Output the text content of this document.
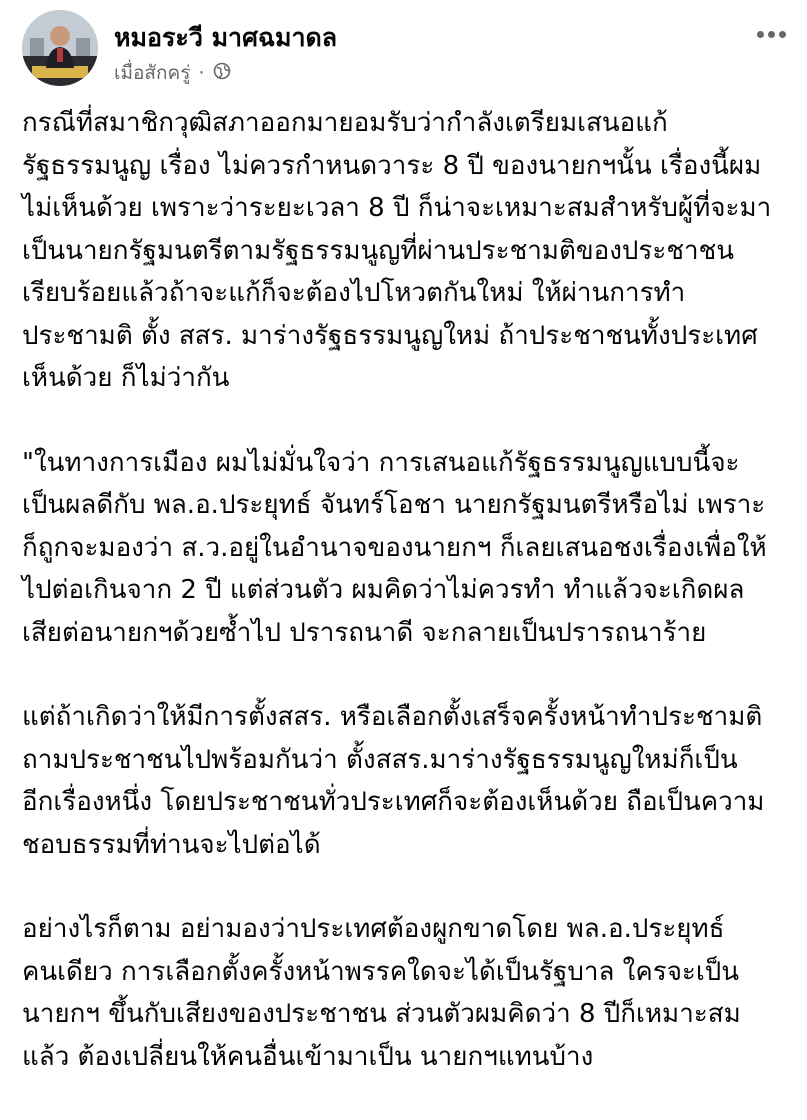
หมอระวี มาศฉมาดล
เมื่อสักครู่ ·
กรณีที่สมาชิกวุฒิสภาออกมายอมรับว่ากำลังเตรียมเสนอแก้
รัฐธรรมนูญ เรื่อง ไม่ควรกำหนดวาระ 8 ปี ของนายกฯนั้น เรื่องนี้ผม
ไม่เห็นด้วย เพราะว่าระยะเวลา 8 ปี ก็น่าจะเหมาะสมสำหรับผู้ที่จะมา
เป็นนายกรัฐมนตรีตามรัฐธรรมนูญที่ผ่านประชามติของประชาชน
เรียบร้อยแล้วถ้าจะแก้ก็จะต้องไปโหวตกันใหม่ ให้ผ่านการทำ
ประชามติ ตั้ง สสร. มาร่างรัฐธรรมนูญใหม่ ถ้าประชาชนทั้งประเทศ
เห็นด้วย ก็ไม่ว่ากัน
"ในทางการเมือง ผมไม่มั่นใจว่า การเสนอแก้รัฐธรรมนูญแบบนี้จะ
เป็นผลดีกับ พล.อ.ประยุทธ์ จันทร์โอชา นายกรัฐมนตรีหรือไม่ เพราะ
ก็ถูกจะมองว่า ส.ว.อยู่ในอำนาจของนายกฯ ก็เลยเสนอชงเรื่องเพื่อให้
ไปต่อเกินจาก 2 ปี แต่ส่วนตัว ผมคิดว่าไม่ควรทำ ทำแล้วจะเกิดผล
เสียต่อนายกฯด้วยซ้ำไป ปรารถนาดี จะกลายเป็นปรารถนาร้าย
แต่ถ้าเกิดว่าให้มีการตั้งสสร. หรือเลือกตั้งเสร็จครั้งหน้าทำประชามติ
ถามประชาชนไปพร้อมกันว่า ตั้งสสร.มาร่างรัฐธรรมนูญใหม่ก็เป็น
อีกเรื่องหนึ่ง โดยประชาชนทั่วประเทศก็จะต้องเห็นด้วย ถือเป็นความ
ชอบธรรมที่ท่านจะไปต่อได้
อย่างไรก็ตาม อย่ามองว่าประเทศต้องผูกขาดโดย พล.อ.ประยุทธ์
คนเดียว การเลือกตั้งครั้งหน้าพรรคใดจะได้เป็นรัฐบาล ใครจะเป็น
นายกฯ ขึ้นกับเสียงของประชาชน ส่วนตัวผมคิดว่า 8 ปีก็เหมาะสม
แล้ว ต้องเปลี่ยนให้คนอื่นเข้ามาเป็น นายกฯแทนบ้าง
